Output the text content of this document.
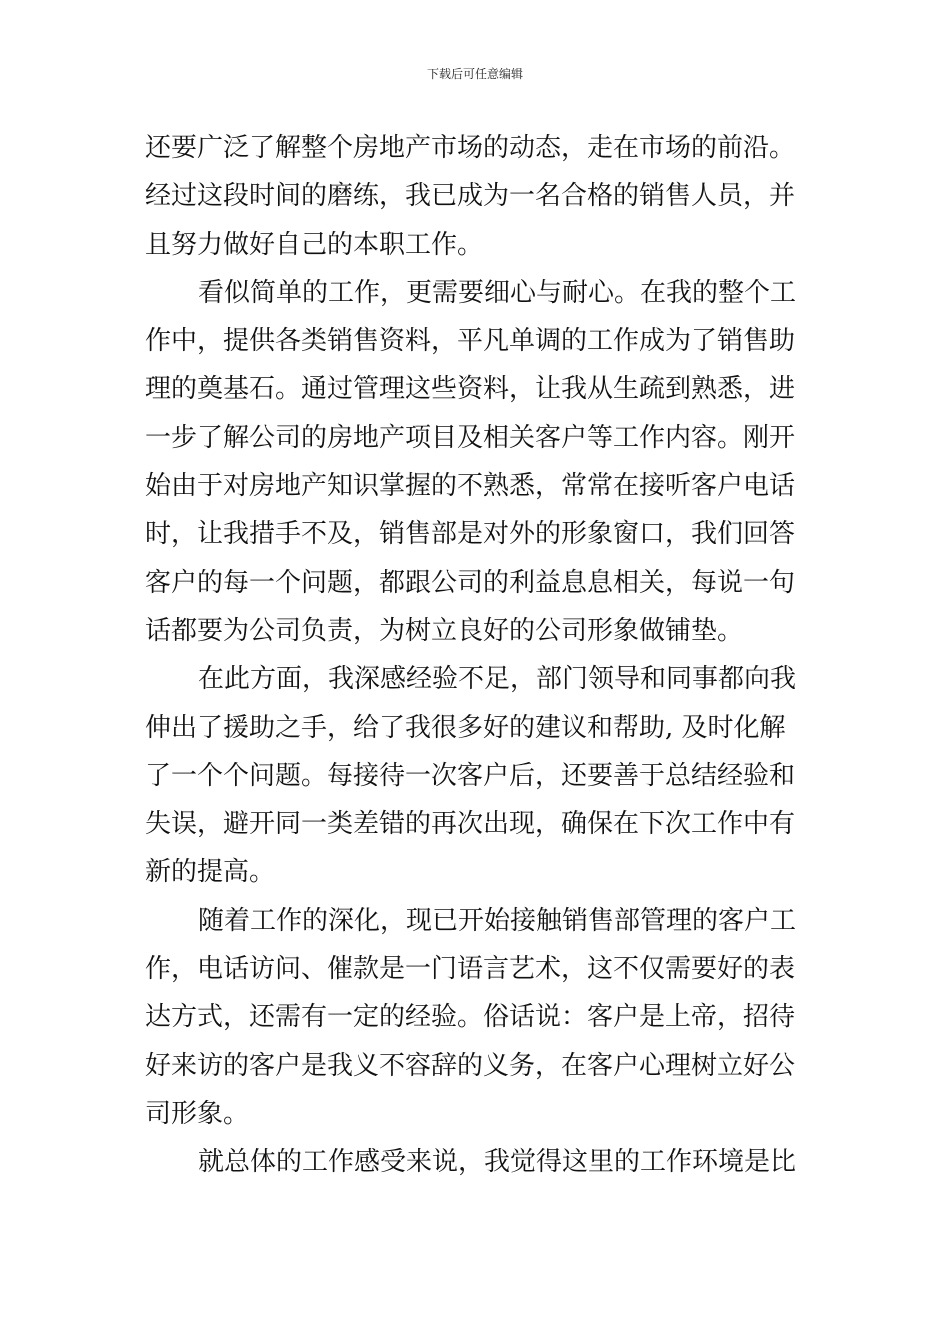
下载后可任意编辑
还要广泛了解整个房地产市场的动态，走在市场的前沿。
经过这段时间的磨练，我已成为一名合格的销售人员，并
且努力做好自己的本职工作。
看似简单的工作，更需要细心与耐心。在我的整个工
作中，提供各类销售资料，平凡单调的工作成为了销售助
理的奠基石。通过管理这些资料，让我从生疏到熟悉，进
一步了解公司的房地产项目及相关客户等工作内容。刚开
始由于对房地产知识掌握的不熟悉，常常在接听客户电话
时，让我措手不及，销售部是对外的形象窗口，我们回答
客户的每一个问题，都跟公司的利益息息相关，每说一句
话都要为公司负责，为树立良好的公司形象做铺垫。
在此方面，我深感经验不足，部门领导和同事都向我
伸出了援助之手，给了我很多好的建议和帮助, 及时化解
了一个个问题。每接待一次客户后，还要善于总结经验和
失误，避开同一类差错的再次出现，确保在下次工作中有
新的提高。
随着工作的深化，现已开始接触销售部管理的客户工
作，电话访问、催款是一门语言艺术，这不仅需要好的表
达方式，还需有一定的经验。俗话说：客户是上帝，招待
好来访的客户是我义不容辞的义务，在客户心理树立好公
司形象。
就总体的工作感受来说，我觉得这里的工作环境是比
